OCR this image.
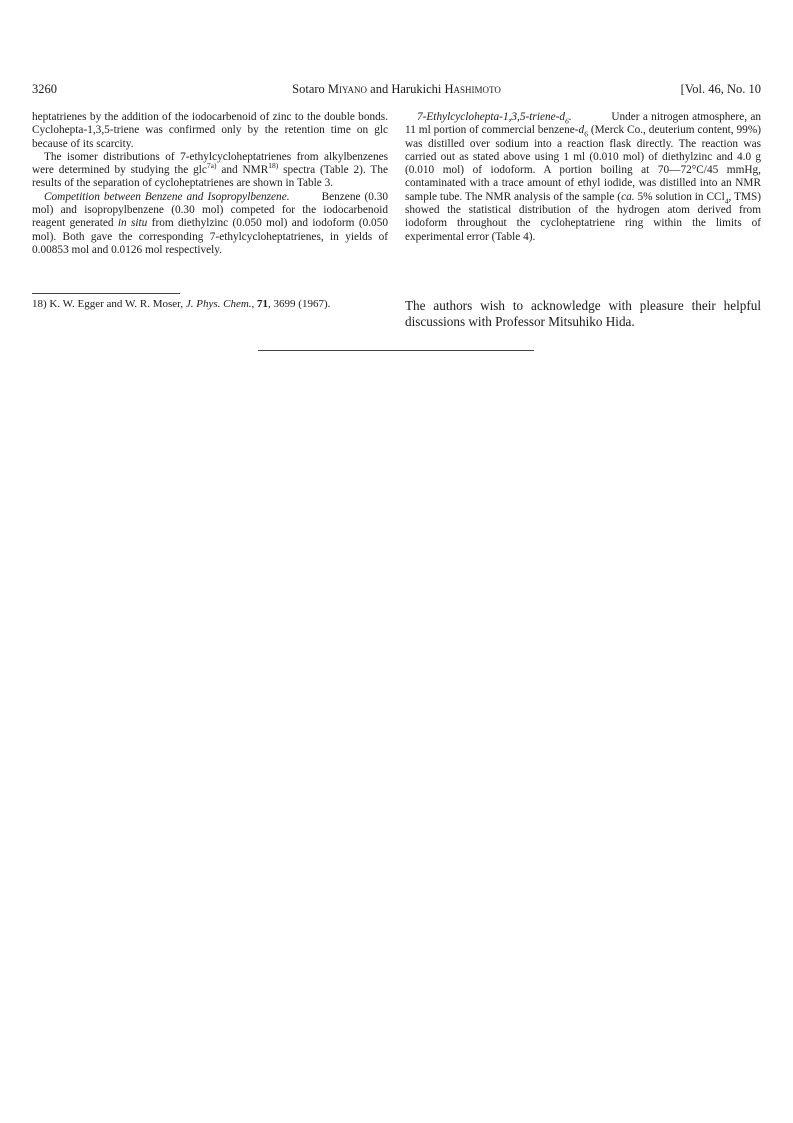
3260	Sotaro Miyano and Harukichi Hashimoto	[Vol. 46, No. 10

heptatrienes by the addition of the iodocarbenoid of zinc to the double bonds. Cyclohepta-1,3,5-triene was confirmed only by the retention time on glc because of its scarcity.

The isomer distributions of 7-ethylcycloheptatrienes from alkylbenzenes were determined by studying the glc$^{7a)}$ and NMR$^{18)}$ spectra (Table 2). The results of the separation of cycloheptatrienes are shown in Table 3.

Competition between Benzene and Isopropylbenzene.	Benzene (0.30 mol) and isopropylbenzene (0.30 mol) competed for the iodocarbenoid reagent generated in situ from diethylzinc (0.050 mol) and iodoform (0.050 mol). Both gave the corresponding 7-ethylcycloheptatrienes, in yields of 0.00853 mol and 0.0126 mol respectively.

18) K. W. Egger and W. R. Moser, J. Phys. Chem., 71, 3699 (1967).

$7-Ethylcyclohepta-1,3,5-triene-d_6$.	Under a nitrogen atmosphere, an 11 ml portion of commercial benzene-$d_6$ (Merck Co., deuterium content, 99%) was distilled over sodium into a reaction flask directly. The reaction was carried out as stated above using 1 ml (0.010 mol) of diethylzinc and 4.0 g (0.010 mol) of iodoform. A portion boiling at 70—72°C/45 mmHg, contaminated with a trace amount of ethyl iodide, was distilled into an NMR sample tube. The NMR analysis of the sample (ca. 5% solution in CCl$_4$, TMS) showed the statistical distribution of the hydrogen atom derived from iodoform throughout the cycloheptatriene ring within the limits of experimental error (Table 4).

The authors wish to acknowledge with pleasure their helpful discussions with Professor Mitsuhiko Hida.
